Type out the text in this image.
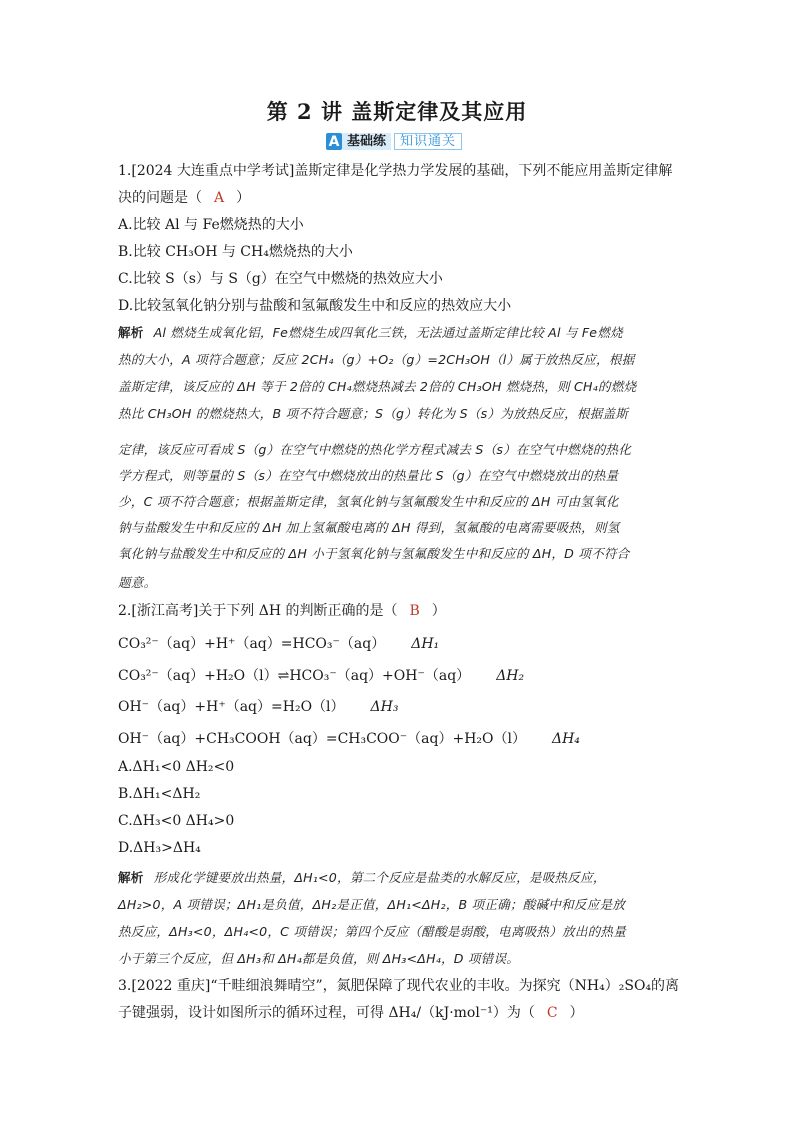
第 2 讲 盖斯定律及其应用
A 基础练	知识通关
1.[2024 大连重点中学考试]盖斯定律是化学热力学发展的基础，下列不能应用盖斯定律解
决的问题是（ A ）
A.比较 Al 与 Fe燃烧热的大小
B.比较 CH₃OH 与 CH₄燃烧热的大小
C.比较 S（s）与 S（g）在空气中燃烧的热效应大小
D.比较氢氧化钠分别与盐酸和氢氟酸发生中和反应的热效应大小
解析 Al 燃烧生成氧化铝，Fe燃烧生成四氧化三铁，无法通过盖斯定律比较 Al 与 Fe燃烧
热的大小，A 项符合题意；反应 2CH₄（g）+O₂（g）=2CH₃OH（l）属于放热反应，根据
盖斯定律，该反应的 ΔH 等于 2倍的 CH₄燃烧热减去 2倍的 CH₃OH 燃烧热，则 CH₄的燃烧
热比 CH₃OH 的燃烧热大，B 项不符合题意；S（g）转化为 S（s）为放热反应，根据盖斯
定律，该反应可看成 S（g）在空气中燃烧的热化学方程式减去 S（s）在空气中燃烧的热化
学方程式，则等量的 S（s）在空气中燃烧放出的热量比 S（g）在空气中燃烧放出的热量
少，C 项不符合题意；根据盖斯定律，氢氧化钠与氢氟酸发生中和反应的 ΔH 可由氢氧化
钠与盐酸发生中和反应的 ΔH 加上氢氟酸电离的 ΔH 得到，氢氟酸的电离需要吸热，则氢
氧化钠与盐酸发生中和反应的 ΔH 小于氢氧化钠与氢氟酸发生中和反应的 ΔH，D 项不符合
题意。
2.[浙江高考]关于下列 ΔH 的判断正确的是（ B ）
CO₃²⁻（aq）+H⁺（aq）=HCO₃⁻（aq） ΔH₁
CO₃²⁻（aq）+H₂O（l）⇌HCO₃⁻（aq）+OH⁻（aq） ΔH₂
OH⁻（aq）+H⁺（aq）=H₂O（l） ΔH₃
OH⁻（aq）+CH₃COOH（aq）=CH₃COO⁻（aq）+H₂O（l） ΔH₄
A.ΔH₁<0 ΔH₂<0
B.ΔH₁<ΔH₂
C.ΔH₃<0 ΔH₄>0
D.ΔH₃>ΔH₄
解析 形成化学键要放出热量，ΔH₁<0，第二个反应是盐类的水解反应，是吸热反应，
ΔH₂>0，A 项错误；ΔH₁是负值，ΔH₂是正值，ΔH₁<ΔH₂，B 项正确；酸碱中和反应是放
热反应，ΔH₃<0，ΔH₄<0，C 项错误；第四个反应（醋酸是弱酸，电离吸热）放出的热量
小于第三个反应，但 ΔH₃和 ΔH₄都是负值，则 ΔH₃<ΔH₄，D 项错误。
3.[2022 重庆]“千畦细浪舞晴空”，氮肥保障了现代农业的丰收。为探究（NH₄）₂SO₄的离
子键强弱，设计如图所示的循环过程，可得 ΔH₄/（kJ·mol⁻¹）为（ C ）
